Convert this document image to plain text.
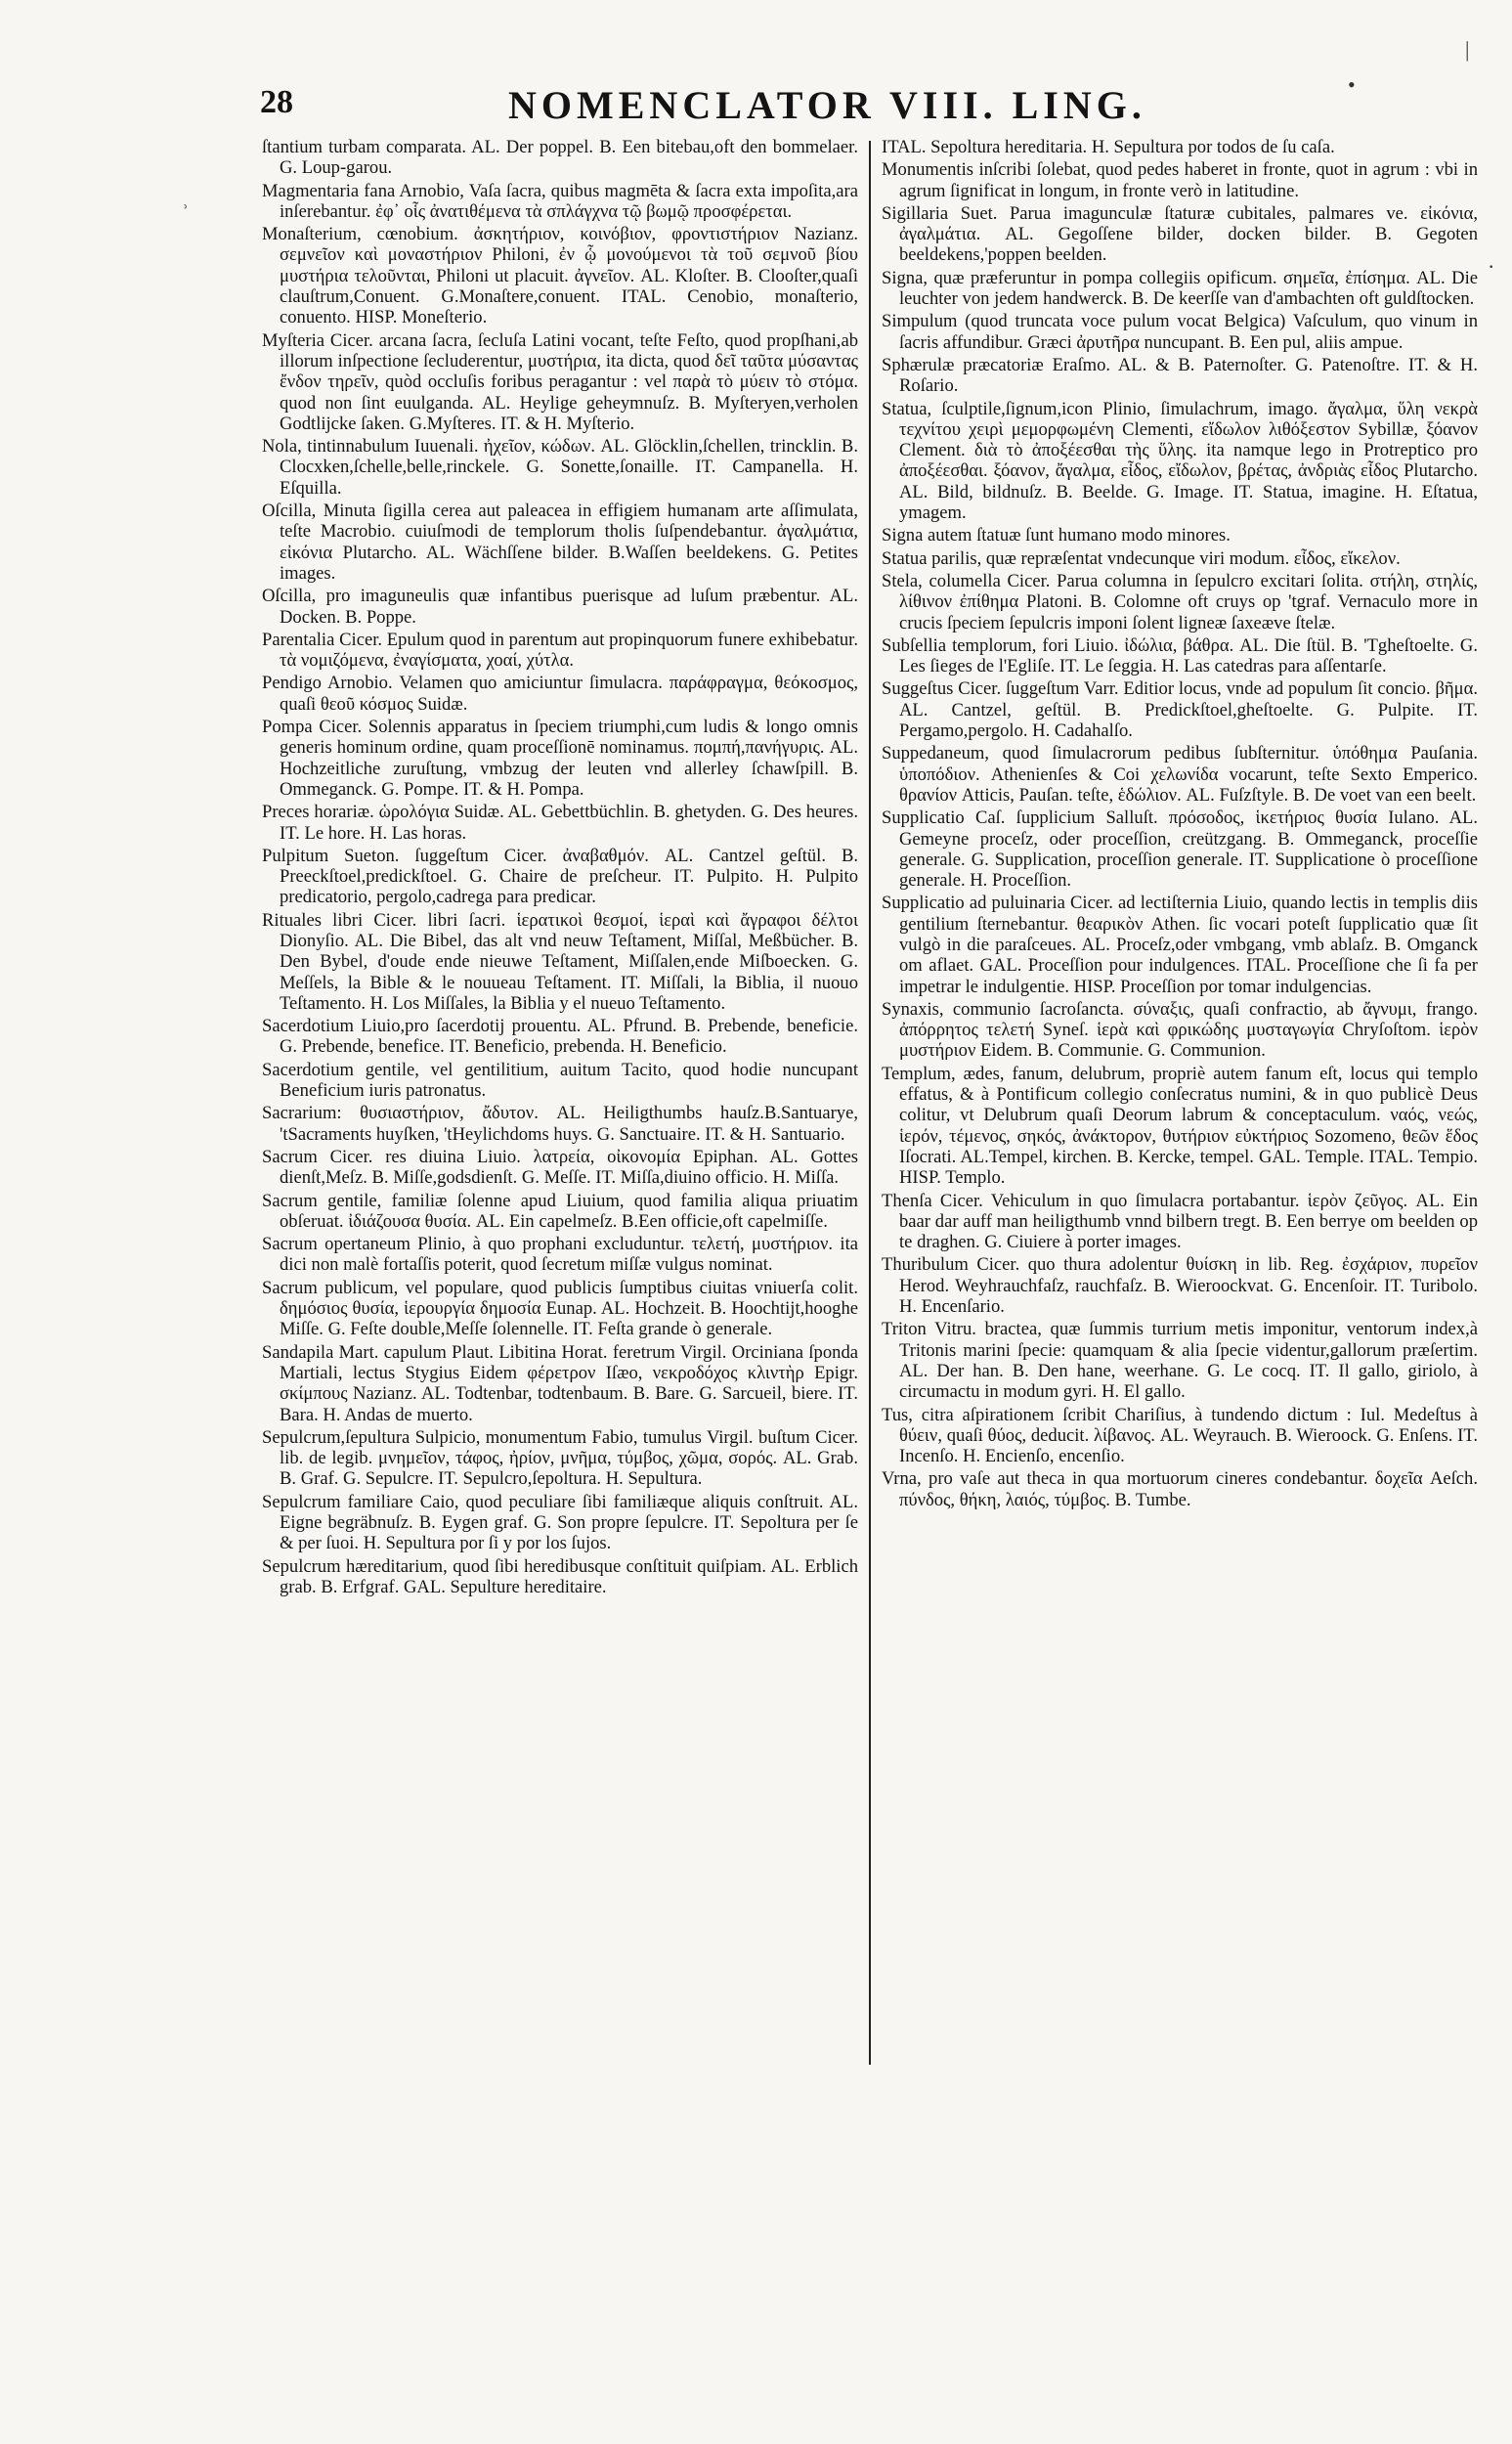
28	NOMENCLATOR VIII. LING.

ſtantium turbam comparata. AL. Der poppel. B. Een bitebau,oft den bommelaer. G. Loup-garou.

Magmentaria fana Arnobio, Vaſa ſacra, quibus magmēta & ſacra exta impoſita,ara inſerebantur. ἐφ᾽ οἷς ἀνατιθέμενα τὰ σπλάγχνα τῷ βωμῷ προσφέρεται.

Monaſterium, cœnobium. ἀσκητήριον, κοινόβιον, φροντιστήριον Nazianz. σεμνεῖον καὶ μοναστήριον Philoni, ἐν ᾧ μονούμενοι τὰ τοῦ σεμνοῦ βίου μυστήρια τελοῦνται, Philoni ut placuit. ἀγνεῖον. AL. Kloſter. B. Clooſter,quaſi clauſtrum,Conuent. G.Monaſtere,conuent. ITAL. Cenobio, monaſterio, conuento. HISP. Moneſterio.

Myſteria Cicer. arcana ſacra, ſecluſa Latini vocant, teſte Feſto, quod propſhani,ab illorum inſpectione ſecluderentur, μυστήρια, ita dicta, quod δεῖ ταῦτα μύσαντας ἔνδον τηρεῖν, quòd occluſis foribus peragantur : vel παρὰ τὸ μύειν τὸ στόμα. quod non ſint euulganda. AL. Heylige geheymnuſz. B. Myſteryen,verholen Godtlijcke ſaken. G.Myſteres. IT. & H. Myſterio.

Nola, tintinnabulum Iuuenali. ἠχεῖον, κώδων. AL. Glöcklin,ſchellen, trincklin. B. Clocxken,ſchelle,belle,rinckele. G. Sonette,ſonaille. IT. Campanella. H. Eſquilla.

Oſcilla, Minuta ſigilla cerea aut paleacea in effigiem humanam arte aſſimulata, teſte Macrobio. cuiuſmodi de templorum tholis ſuſpendebantur. ἀγαλμάτια, εἰκόνια Plutarcho. AL. Wächſſene bilder. B.Waſſen beeldekens. G. Petites images.

Oſcilla, pro imaguneulis quæ infantibus puerisque ad luſum præbentur. AL. Docken. B. Poppe.

Parentalia Cicer. Epulum quod in parentum aut propinquorum funere exhibebatur. τὰ νομιζόμενα, ἐναγίσματα, χοαί, χύτλα.

Pendigo Arnobio. Velamen quo amiciuntur ſimulacra. παράφραγμα, θεόκοσμος, quaſi θεοῦ κόσμος Suidæ.

Pompa Cicer. Solennis apparatus in ſpeciem triumphi,cum ludis & longo omnis generis hominum ordine, quam proceſſionē nominamus. πομπή,πανήγυρις. AL. Hochzeitliche zuruſtung, vmbzug der leuten vnd allerley ſchawſpill. B. Ommeganck. G. Pompe. IT. & H. Pompa.

Preces horariæ. ὡρολόγια Suidæ. AL. Gebettbüchlin. B. ghetyden. G. Des heures. IT. Le hore. H. Las horas.

Pulpitum Sueton. ſuggeſtum Cicer. ἀναβαθμόν. AL. Cantzel geſtül. B. Preeckſtoel,predickſtoel. G. Chaire de preſcheur. IT. Pulpito. H. Pulpito predicatorio, pergolo,cadrega para predicar.

Rituales libri Cicer. libri ſacri. ἱερατικοὶ θεσμοί, ἱεραὶ καὶ ἄγραφοι δέλτοι Dionyſio. AL. Die Bibel, das alt vnd neuw Teſtament, Miſſal, Meßbücher. B. Den Bybel, d'oude ende nieuwe Teſtament, Miſſalen,ende Miſboecken. G. Meſſels, la Bible & le nouueau Teſtament. IT. Miſſali, la Biblia, il nuouo Teſtamento. H. Los Miſſales, la Biblia y el nueuo Teſtamento.

Sacerdotium Liuio,pro ſacerdotij prouentu. AL. Pfrund. B. Prebende, beneficie. G. Prebende, benefice. IT. Beneficio, prebenda. H. Beneficio.

Sacerdotium gentile, vel gentilitium, auitum Tacito, quod hodie nuncupant Beneficium iuris patronatus.

Sacrarium: θυσιαστήριον, ἄδυτον. AL. Heiligthumbs hauſz.B.Santuarye, 'tSacraments huyſken, 'tHeylichdoms huys. G. Sanctuaire. IT. & H. Santuario.

Sacrum Cicer. res diuina Liuio. λατρεία, οἰκονομία Epiphan. AL. Gottes dienſt,Meſz. B. Miſſe,godsdienſt. G. Meſſe. IT. Miſſa,diuino officio. H. Miſſa.

Sacrum gentile, familiæ ſolenne apud Liuium, quod familia aliqua priuatim obſeruat. ἰδιάζουσα θυσία. AL. Ein capelmeſz. B.Een officie,oft capelmiſſe.

Sacrum opertaneum Plinio, à quo prophani excluduntur. τελετή, μυστήριον. ita dici non malè fortaſſis poterit, quod ſecretum miſſæ vulgus nominat.

Sacrum publicum, vel populare, quod publicis ſumptibus ciuitas vniuerſa colit. δημόσιος θυσία, ἱερουργία δημοσία Eunap. AL. Hochzeit. B. Hoochtijt,hooghe Miſſe. G. Feſte double,Meſſe ſolennelle. IT. Feſta grande ò generale.

Sandapila Mart. capulum Plaut. Libitina Horat. feretrum Virgil. Orciniana ſponda Martiali, lectus Stygius Eidem φέρετρον Iſæo, νεκροδόχος κλιντὴρ Epigr. σκίμπους Nazianz. AL. Todtenbar, todtenbaum. B. Bare. G. Sarcueil, biere. IT. Bara. H. Andas de muerto.

Sepulcrum,ſepultura Sulpicio, monumentum Fabio, tumulus Virgil. buſtum Cicer. lib. de legib. μνημεῖον, τάφος, ἠρίον, μνῆμα, τύμβος, χῶμα, σορός. AL. Grab. B. Graf. G. Sepulcre. IT. Sepulcro,ſepoltura. H. Sepultura.

Sepulcrum familiare Caio, quod peculiare ſibi familiæque aliquis conſtruit. AL. Eigne begräbnuſz. B. Eygen graf. G. Son propre ſepulcre. IT. Sepoltura per ſe & per ſuoi. H. Sepultura por ſi y por los ſujos.

Sepulcrum hæreditarium, quod ſibi heredibusque conſtituit quiſpiam. AL. Erblich grab. B. Erfgraf. GAL. Sepulture hereditaire.

ITAL. Sepoltura hereditaria. H. Sepultura por todos de ſu caſa.

Monumentis inſcribi ſolebat, quod pedes haberet in fronte, quot in agrum : vbi in agrum ſignificat in longum, in fronte verò in latitudine.

Sigillaria Suet. Parua imagunculæ ſtaturæ cubitales, palmares ve. εἰκόνια, ἀγαλμάτια. AL. Gegoſſene bilder, docken bilder. B. Gegoten beeldekens,'poppen beelden.

Signa, quæ præferuntur in pompa collegiis opificum. σημεῖα, ἐπίσημα. AL. Die leuchter von jedem handwerck. B. De keerſſe van d'ambachten oft guldſtocken.

Simpulum (quod truncata voce pulum vocat Belgica) Vaſculum, quo vinum in ſacris affundibur. Græci ἀρυτῆρα nuncupant. B. Een pul, aliis ampue.

Sphærulæ præcatoriæ Eraſmo. AL. & B. Paternoſter. G. Patenoſtre. IT. & H. Roſario.

Statua, ſculptile,ſignum,icon Plinio, ſimulachrum, imago. ἄγαλμα, ὕλη νεκρὰ τεχνίτου χειρὶ μεμορφωμένη Clementi, εἴδωλον λιθόξεστον Sybillæ, ξόανον Clement. διὰ τὸ ἀποξέεσθαι τὴς ὕλης. ita namque lego in Protreptico pro ἀποξέεσθαι. ξόανον, ἄγαλμα, εἶδος, εἴδωλον, βρέτας, ἀνδριὰς εἶδος Plutarcho. AL. Bild, bildnuſz. B. Beelde. G. Image. IT. Statua, imagine. H. Eſtatua, ymagem.

Signa autem ſtatuæ ſunt humano modo minores.

Statua parilis, quæ repræſentat vndecunque viri modum. εἶδος, εἴκελον.

Stela, columella Cicer. Parua columna in ſepulcro excitari ſolita. στήλη, στηλίς, λίθινον ἐπίθημα Platoni. B. Colomne oft cruys op 'tgraf. Vernaculo more in crucis ſpeciem ſepulcris imponi ſolent ligneæ ſaxeæve ſtelæ.

Subſellia templorum, fori Liuio. ἰδώλια, βάθρα. AL. Die ſtül. B. 'Tgheſtoelte. G. Les ſieges de l'Egliſe. IT. Le ſeggia. H. Las catedras para aſſentarſe.

Suggeſtus Cicer. ſuggeſtum Varr. Editior locus, vnde ad populum ſit concio. βῆμα. AL. Cantzel, geſtül. B. Predickſtoel,gheſtoelte. G. Pulpite. IT. Pergamo,pergolo. H. Cadahalſo.

Suppedaneum, quod ſimulacrorum pedibus ſubſternitur. ὑπόθημα Pauſania. ὑποπόδιον. Athenienſes & Coi χελωνίδα vocarunt, teſte Sexto Emperico. θρανίον Atticis, Pauſan. teſte, ἑδώλιον. AL. Fuſzſtyle. B. De voet van een beelt.

Supplicatio Caſ. ſupplicium Salluſt. πρόσοδος, ἱκετήριος θυσία Iulano. AL. Gemeyne proceſz, oder proceſſion, creützgang. B. Ommeganck, proceſſie generale. G. Supplication, proceſſion generale. IT. Supplicatione ò proceſſione generale. H. Proceſſion.

Supplicatio ad puluinaria Cicer. ad lectiſternia Liuio, quando lectis in templis diis gentilium ſternebantur. θεαρικὸν Athen. ſic vocari poteſt ſupplicatio quæ ſit vulgò in die paraſceues. AL. Proceſz,oder vmbgang, vmb ablaſz. B. Omganck om aflaet. GAL. Proceſſion pour indulgences. ITAL. Proceſſione che ſi fa per impetrar le indulgentie. HISP. Proceſſion por tomar indulgencias.

Synaxis, communio ſacroſancta. σύναξις, quaſi confractio, ab ἄγνυμι, frango. ἀπόρρητος τελετή Syneſ. ἱερὰ καὶ φρικώδης μυσταγωγία Chryſoſtom. ἱερὸν μυστήριον Eidem. B. Communie. G. Communion.

Templum, ædes, fanum, delubrum, propriè autem fanum eſt, locus qui templo effatus, & à Pontificum collegio conſecratus numini, & in quo publicè Deus colitur, vt Delubrum quaſi Deorum labrum & conceptaculum. ναός, νεώς, ἱερόν, τέμενος, σηκός, ἀνάκτορον, θυτήριον εὐκτήριος Sozomeno, θεῶν ἕδος Iſocrati. AL.Tempel, kirchen. B. Kercke, tempel. GAL. Temple. ITAL. Tempio. HISP. Templo.

Thenſa Cicer. Vehiculum in quo ſimulacra portabantur. ἱερὸν ζεῦγος. AL. Ein baar dar auff man heiligthumb vnnd bilbern tregt. B. Een berrye om beelden op te draghen. G. Ciuiere à porter images.

Thuribulum Cicer. quo thura adolentur θυίσκη in lib. Reg. ἐσχάριον, πυρεῖον Herod. Weyhrauchfaſz, rauchfaſz. B. Wieroockvat. G. Encenſoir. IT. Turibolo. H. Encenſario.

Triton Vitru. bractea, quæ ſummis turrium metis imponitur, ventorum index,à Tritonis marini ſpecie: quamquam & alia ſpecie videntur,gallorum præſertim. AL. Der han. B. Den hane, weerhane. G. Le cocq. IT. Il gallo, giriolo, à circumactu in modum gyri. H. El gallo.

Tus, citra aſpirationem ſcribit Chariſius, à tundendo dictum : Iul. Medeſtus à θύειν, quaſi θύος, deducit. λίβανος. AL. Weyrauch. B. Wieroock. G. Enſens. IT. Incenſo. H. Encienſo, encenſio.

Vrna, pro vaſe aut theca in qua mortuorum cineres condebantur. δοχεῖα Aeſch. πύνδος, θήκη, λαιός, τύμβος. B. Tumbe.

ʾ
|
·
•
